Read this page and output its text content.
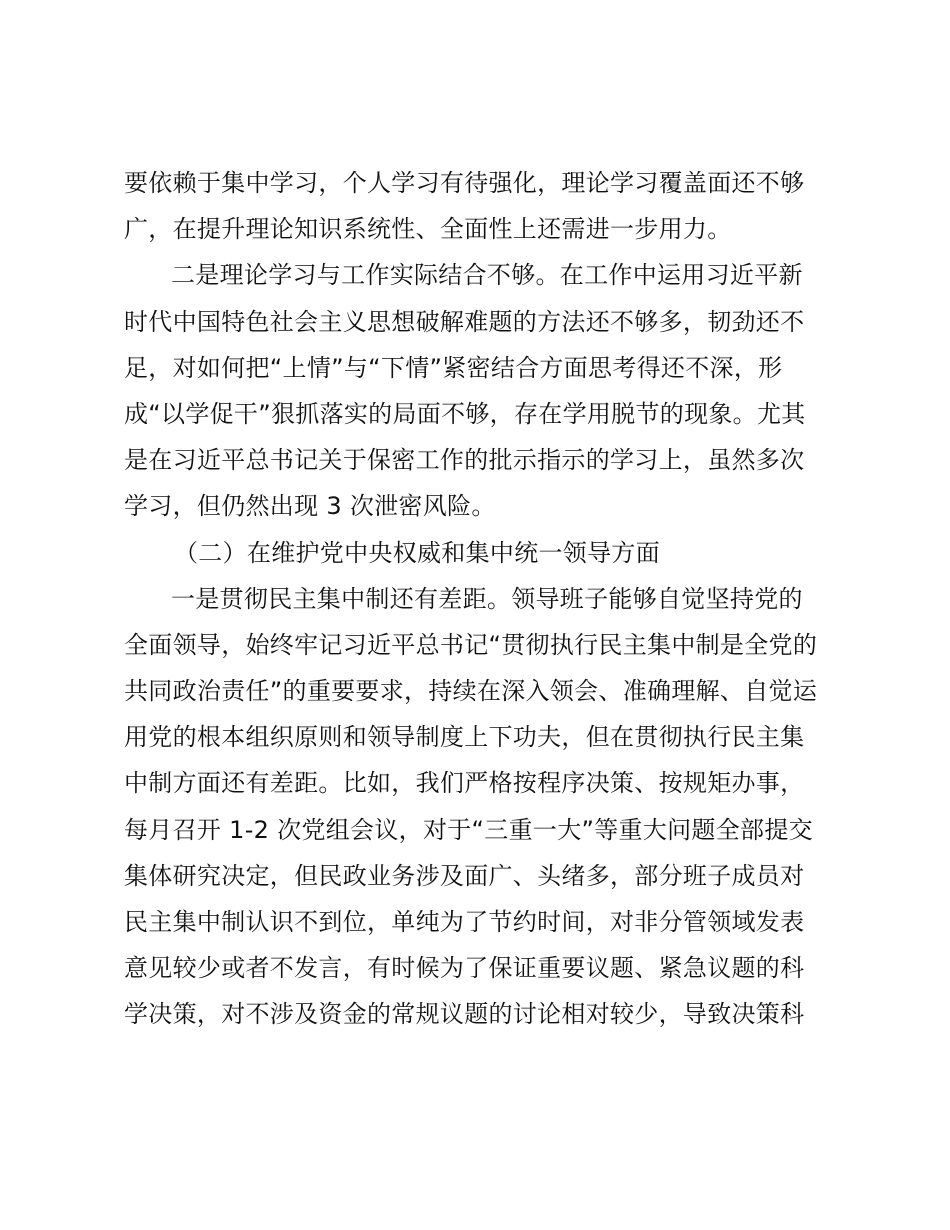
要依赖于集中学习，个人学习有待强化，理论学习覆盖面还不够
广，在提升理论知识系统性、全面性上还需进一步用力。
二是理论学习与工作实际结合不够。在工作中运用习近平新
时代中国特色社会主义思想破解难题的方法还不够多，韧劲还不
足，对如何把“上情”与“下情”紧密结合方面思考得还不深，形
成“以学促干”狠抓落实的局面不够，存在学用脱节的现象。尤其
是在习近平总书记关于保密工作的批示指示的学习上，虽然多次
学习，但仍然出现 3 次泄密风险。
（二）在维护党中央权威和集中统一领导方面
一是贯彻民主集中制还有差距。领导班子能够自觉坚持党的
全面领导，始终牢记习近平总书记“贯彻执行民主集中制是全党的
共同政治责任”的重要要求，持续在深入领会、准确理解、自觉运
用党的根本组织原则和领导制度上下功夫，但在贯彻执行民主集
中制方面还有差距。比如，我们严格按程序决策、按规矩办事，
每月召开 1-2 次党组会议，对于“三重一大”等重大问题全部提交
集体研究决定，但民政业务涉及面广、头绪多，部分班子成员对
民主集中制认识不到位，单纯为了节约时间，对非分管领域发表
意见较少或者不发言，有时候为了保证重要议题、紧急议题的科
学决策，对不涉及资金的常规议题的讨论相对较少，导致决策科
